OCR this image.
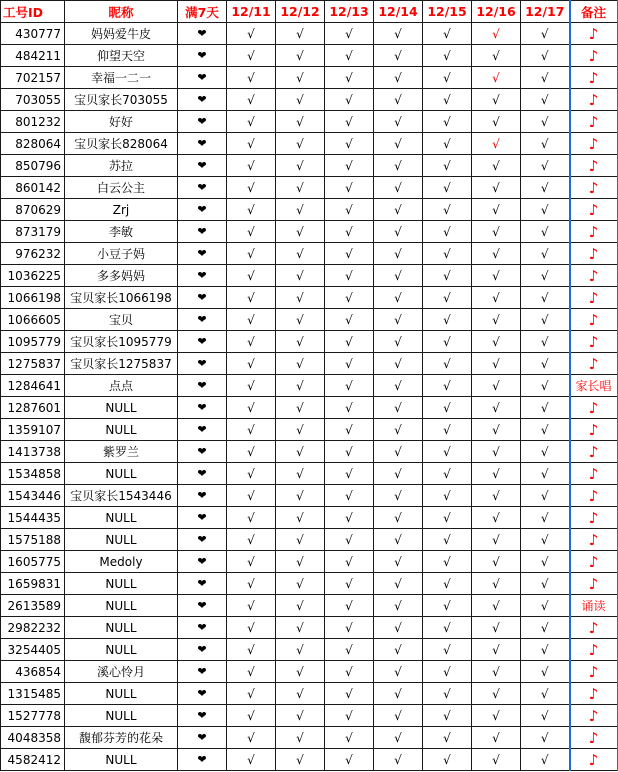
工号ID	昵称	满7天	12/11	12/12	12/13	12/14	12/15	12/16	12/17	备注
430777	妈妈爱牛皮	❤	√	√	√	√	√	√	√	♪
484211	仰望天空	❤	√	√	√	√	√	√	√	♪
702157	幸福一二一	❤	√	√	√	√	√	√	√	♪
703055	宝贝家长703055	❤	√	√	√	√	√	√	√	♪
801232	好好	❤	√	√	√	√	√	√	√	♪
828064	宝贝家长828064	❤	√	√	√	√	√	√	√	♪
850796	苏拉	❤	√	√	√	√	√	√	√	♪
860142	白云公主	❤	√	√	√	√	√	√	√	♪
870629	Zrj	❤	√	√	√	√	√	√	√	♪
873179	李敏	❤	√	√	√	√	√	√	√	♪
976232	小豆子妈	❤	√	√	√	√	√	√	√	♪
1036225	多多妈妈	❤	√	√	√	√	√	√	√	♪
1066198	宝贝家长1066198	❤	√	√	√	√	√	√	√	♪
1066605	宝贝	❤	√	√	√	√	√	√	√	♪
1095779	宝贝家长1095779	❤	√	√	√	√	√	√	√	♪
1275837	宝贝家长1275837	❤	√	√	√	√	√	√	√	♪
1284641	点点	❤	√	√	√	√	√	√	√	家长唱
1287601	NULL	❤	√	√	√	√	√	√	√	♪
1359107	NULL	❤	√	√	√	√	√	√	√	♪
1413738	紫罗兰	❤	√	√	√	√	√	√	√	♪
1534858	NULL	❤	√	√	√	√	√	√	√	♪
1543446	宝贝家长1543446	❤	√	√	√	√	√	√	√	♪
1544435	NULL	❤	√	√	√	√	√	√	√	♪
1575188	NULL	❤	√	√	√	√	√	√	√	♪
1605775	Medoly	❤	√	√	√	√	√	√	√	♪
1659831	NULL	❤	√	√	√	√	√	√	√	♪
2613589	NULL	❤	√	√	√	√	√	√	√	诵读
2982232	NULL	❤	√	√	√	√	√	√	√	♪
3254405	NULL	❤	√	√	√	√	√	√	√	♪
436854	溪心怜月	❤	√	√	√	√	√	√	√	♪
1315485	NULL	❤	√	√	√	√	√	√	√	♪
1527778	NULL	❤	√	√	√	√	√	√	√	♪
4048358	馥郁芬芳的花朵	❤	√	√	√	√	√	√	√	♪
4582412	NULL	❤	√	√	√	√	√	√	√	♪
